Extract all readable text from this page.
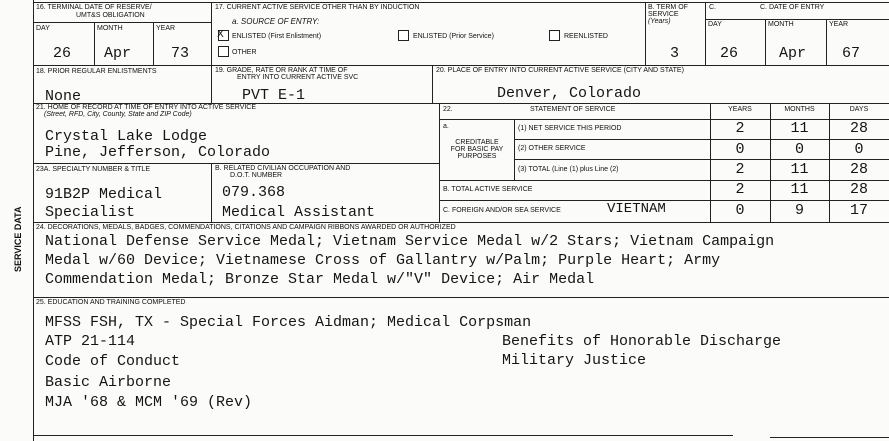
SERVICE DATA
16. TERMINAL DATE OF RESERVE/
UMT&S OBLIGATION
DAY	MONTH	YEAR
26 Apr	73
17. CURRENT ACTIVE SERVICE OTHER THAN BY INDUCTION
a. SOURCE OF ENTRY:
X ENLISTED (First Enlistment)	ENLISTED (Prior Service)	REENLISTED
OTHER
B. TERM OF
SERVICE
(Years)
3
C.	C. DATE OF ENTRY
DAY	MONTH	YEAR
26	Apr 67
18. PRIOR REGULAR ENLISTMENTS
None
19. GRADE, RATE OR RANK AT TIME OF
ENTRY INTO CURRENT ACTIVE SVC
PVT E-1
20. PLACE OF ENTRY INTO CURRENT ACTIVE SERVICE (CITY AND STATE)
Denver, Colorado
21. HOME OF RECORD AT TIME OF ENTRY INTO ACTIVE SERVICE
(Street, RFD, City, County, State and ZIP Code)
Crystal Lake Lodge
Pine, Jefferson, Colorado
23A. SPECIALTY NUMBER & TITLE
91B2P Medical
Specialist
B. RELATED CIVILIAN OCCUPATION AND
D.O.T. NUMBER
079.368
Medical Assistant
22.	STATEMENT OF SERVICE	YEARS	MONTHS	DAYS
a.
CREDITABLE
FOR BASIC PAY
PURPOSES
(1) NET SERVICE THIS PERIOD	2	11	28
(2) OTHER SERVICE	0	0	0
(3) TOTAL (Line (1) plus Line (2)	2	11	28
B. TOTAL ACTIVE SERVICE	2	11	28
C. FOREIGN AND/OR SEA SERVICE	VIETNAM	0	9	17
24. DECORATIONS, MEDALS, BADGES, COMMENDATIONS, CITATIONS AND CAMPAIGN RIBBONS AWARDED OR AUTHORIZED
National Defense Service Medal; Vietnam Service Medal w/2 Stars; Vietnam Campaign
Medal w/60 Device; Vietnamese Cross of Gallantry w/Palm; Purple Heart; Army
Commendation Medal; Bronze Star Medal w/"V" Device; Air Medal
25. EDUCATION AND TRAINING COMPLETED
MFSS FSH, TX - Special Forces Aidman; Medical Corpsman
ATP 21-114
Code of Conduct
Basic Airborne
MJA '68 & MCM '69 (Rev)
Benefits of Honorable Discharge
Military Justice
